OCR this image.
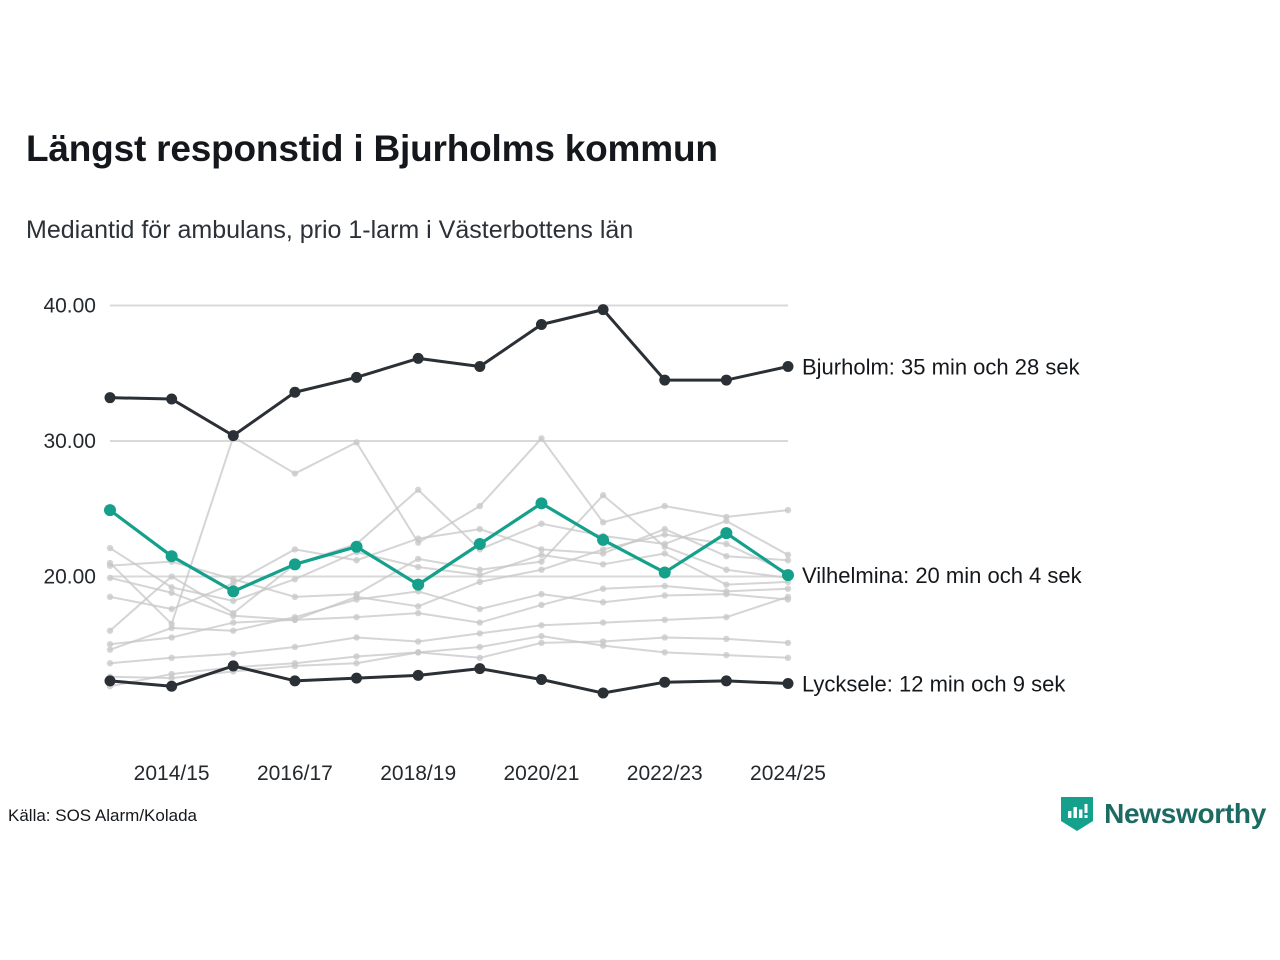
Längst responstid i Bjurholms kommun
Mediantid för ambulans, prio 1-larm i Västerbottens län
20.00
30.00
40.00
2014/15 2016/17 2018/19 2020/21 2022/23 2024/25
Bjurholm: 35 min och 28 sek
Vilhelmina: 20 min och 4 sek
Lycksele: 12 min och 9 sek
Källa: SOS Alarm/Kolada	Newsworthy
